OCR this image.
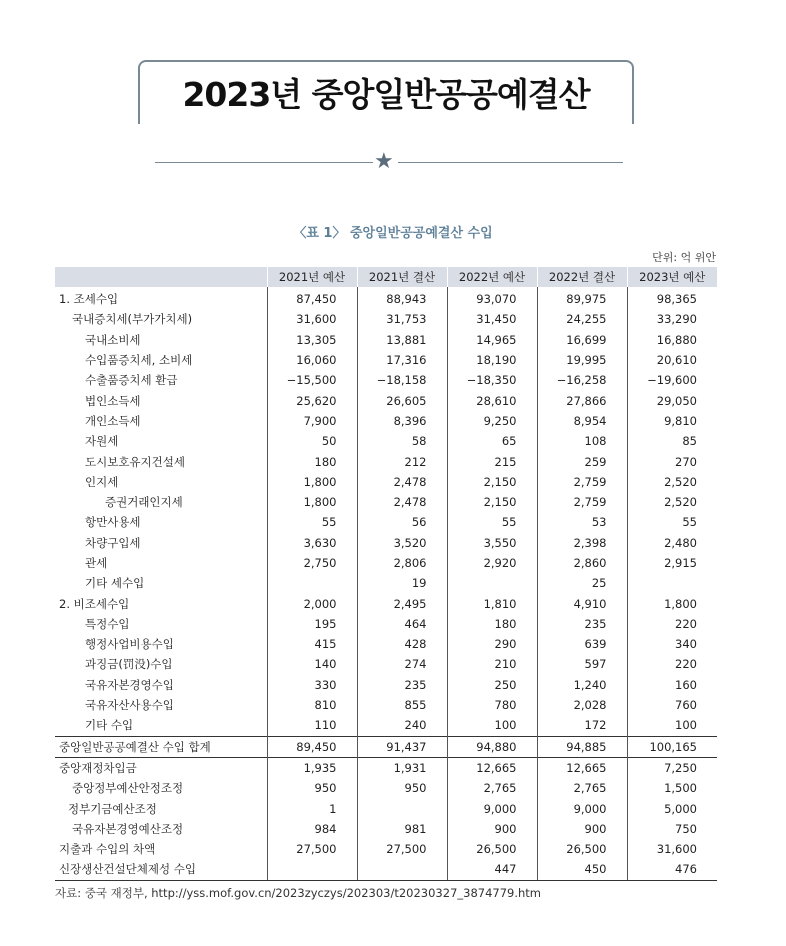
2023년 중앙일반공공예결산
★
〈표 1〉 중앙일반공공예결산 수입
단위: 억 위안
	2021년 예산	2021년 결산	2022년 예산	2022년 결산	2023년 예산
1. 조세수입	87,450	88,943	93,070	89,975	98,365
국내증치세(부가가치세)	31,600	31,753	31,450	24,255	33,290
국내소비세	13,305	13,881	14,965	16,699	16,880
수입품증치세, 소비세	16,060	17,316	18,190	19,995	20,610
수출품증치세 환급	−15,500	−18,158	−18,350	−16,258	−19,600
법인소득세	25,620	26,605	28,610	27,866	29,050
개인소득세	7,900	8,396	9,250	8,954	9,810
자원세	50	58	65	108	85
도시보호유지건설세	180	212	215	259	270
인지세	1,800	2,478	2,150	2,759	2,520
증권거래인지세	1,800	2,478	2,150	2,759	2,520
항만사용세	55	56	55	53	55
차량구입세	3,630	3,520	3,550	2,398	2,480
관세	2,750	2,806	2,920	2,860	2,915
기타 세수입		19		25	
2. 비조세수입	2,000	2,495	1,810	4,910	1,800
특정수입	195	464	180	235	220
행정사업비용수입	415	428	290	639	340
과징금(罚没)수입	140	274	210	597	220
국유자본경영수입	330	235	250	1,240	160
국유자산사용수입	810	855	780	2,028	760
기타 수입	110	240	100	172	100
중앙일반공공예결산 수입 합계	89,450	91,437	94,880	94,885	100,165
중앙재정차입금	1,935	1,931	12,665	12,665	7,250
중앙정부예산안정조정	950	950	2,765	2,765	1,500
정부기금예산조정	1		9,000	9,000	5,000
국유자본경영예산조정	984	981	900	900	750
지출과 수입의 차액	27,500	27,500	26,500	26,500	31,600
신장생산건설단체제성 수입			447	450	476
자료: 중국 재정부, http://yss.mof.gov.cn/2023zyczys/202303/t20230327_3874779.htm
